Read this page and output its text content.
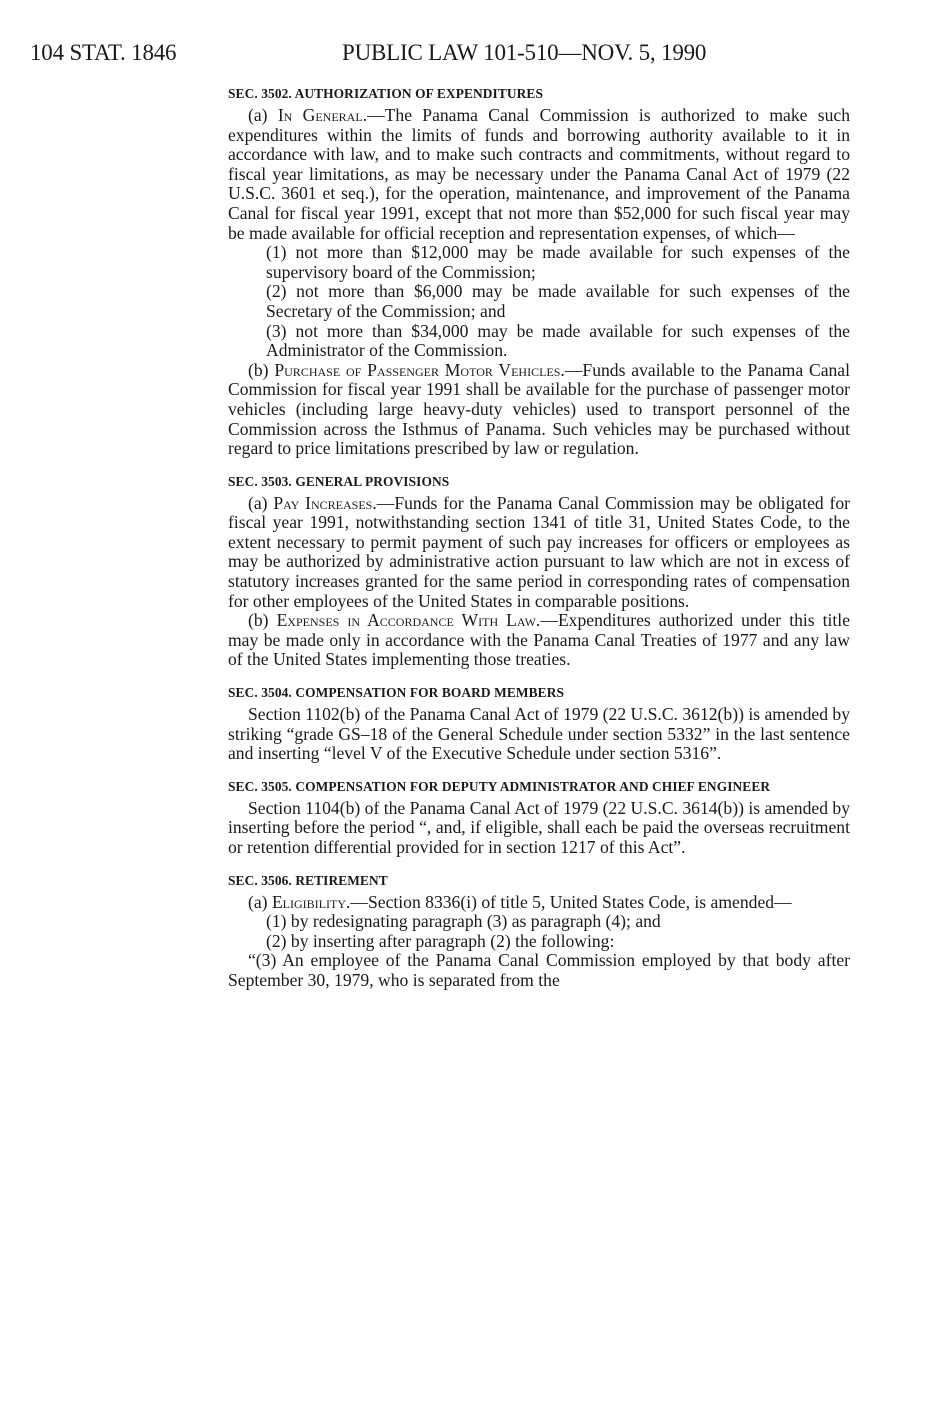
104 STAT. 1846	PUBLIC LAW 101-510—NOV. 5, 1990
SEC. 3502. AUTHORIZATION OF EXPENDITURES

(a) In General.—The Panama Canal Commission is authorized to make such expenditures within the limits of funds and borrowing authority available to it in accordance with law, and to make such contracts and commitments, without regard to fiscal year limitations, as may be necessary under the Panama Canal Act of 1979 (22 U.S.C. 3601 et seq.), for the operation, maintenance, and improvement of the Panama Canal for fiscal year 1991, except that not more than $52,000 for such fiscal year may be made available for official reception and representation expenses, of which—

(1) not more than $12,000 may be made available for such expenses of the supervisory board of the Commission;

(2) not more than $6,000 may be made available for such expenses of the Secretary of the Commission; and

(3) not more than $34,000 may be made available for such expenses of the Administrator of the Commission.

(b) Purchase of Passenger Motor Vehicles.—Funds available to the Panama Canal Commission for fiscal year 1991 shall be available for the purchase of passenger motor vehicles (including large heavy-duty vehicles) used to transport personnel of the Commission across the Isthmus of Panama. Such vehicles may be purchased without regard to price limitations prescribed by law or regulation.

SEC. 3503. GENERAL PROVISIONS

(a) Pay Increases.—Funds for the Panama Canal Commission may be obligated for fiscal year 1991, notwithstanding section 1341 of title 31, United States Code, to the extent necessary to permit payment of such pay increases for officers or employees as may be authorized by administrative action pursuant to law which are not in excess of statutory increases granted for the same period in corresponding rates of compensation for other employees of the United States in comparable positions.

(b) Expenses in Accordance With Law.—Expenditures authorized under this title may be made only in accordance with the Panama Canal Treaties of 1977 and any law of the United States implementing those treaties.

SEC. 3504. COMPENSATION FOR BOARD MEMBERS

Section 1102(b) of the Panama Canal Act of 1979 (22 U.S.C. 3612(b)) is amended by striking “grade GS–18 of the General Schedule under section 5332” in the last sentence and inserting “level V of the Executive Schedule under section 5316”.

SEC. 3505. COMPENSATION FOR DEPUTY ADMINISTRATOR AND CHIEF ENGINEER

Section 1104(b) of the Panama Canal Act of 1979 (22 U.S.C. 3614(b)) is amended by inserting before the period “, and, if eligible, shall each be paid the overseas recruitment or retention differential provided for in section 1217 of this Act”.

SEC. 3506. RETIREMENT

(a) Eligibility.—Section 8336(i) of title 5, United States Code, is amended—

(1) by redesignating paragraph (3) as paragraph (4); and

(2) by inserting after paragraph (2) the following:

“(3) An employee of the Panama Canal Commission employed by that body after September 30, 1979, who is separated from the
